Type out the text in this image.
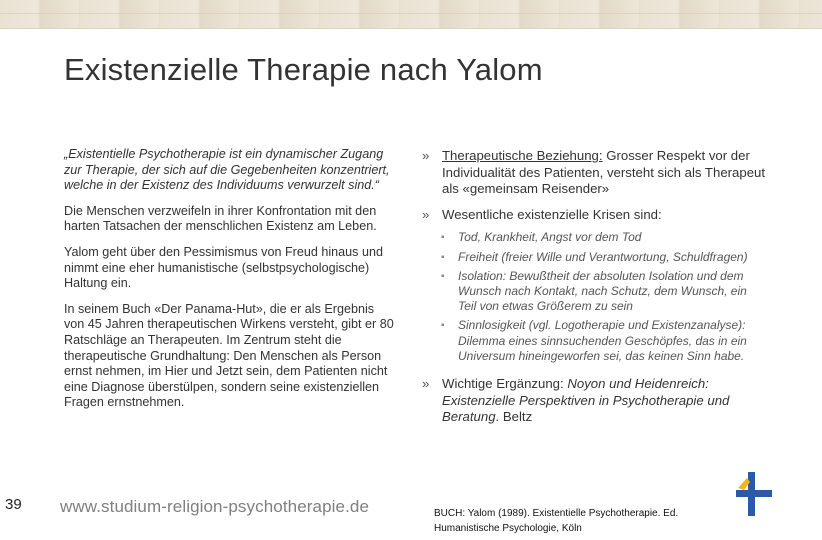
Existenzielle Therapie nach Yalom

„Existentielle Psychotherapie ist ein dynamischer Zugang zur Therapie, der sich auf die Gegebenheiten konzentriert, welche in der Existenz des Individuums verwurzelt sind.“

Die Menschen verzweifeln in ihrer Konfrontation mit den harten Tatsachen der menschlichen Existenz am Leben.

Yalom geht über den Pessimismus von Freud hinaus und nimmt eine eher humanistische (selbstpsychologische) Haltung ein.

In seinem Buch «Der Panama-Hut», die er als Ergebnis von 45 Jahren therapeutischen Wirkens versteht, gibt er 80 Ratschläge an Therapeuten. Im Zentrum steht die therapeutische Grundhaltung: Den Menschen als Person ernst nehmen, im Hier und Jetzt sein, dem Patienten nicht eine Diagnose überstülpen, sondern seine existenziellen Fragen ernstnehmen.

» Therapeutische Beziehung: Grosser Respekt vor der Individualität des Patienten, versteht sich als Therapeut als «gemeinsam Reisender»
» Wesentliche existenzielle Krisen sind:
▪ Tod, Krankheit, Angst vor dem Tod
▪ Freiheit (freier Wille und Verantwortung, Schuldfragen)
▪ Isolation: Bewußtheit der absoluten Isolation und dem Wunsch nach Kontakt, nach Schutz, dem Wunsch, ein Teil von etwas Größerem zu sein
▪ Sinnlosigkeit (vgl. Logotherapie und Existenzanalyse): Dilemma eines sinnsuchenden Geschöpfes, das in ein Universum hineingeworfen sei, das keinen Sinn habe.
» Wichtige Ergänzung: Noyon und Heidenreich: Existenzielle Perspektiven in Psychotherapie und Beratung. Beltz
39 www.studium-religion-psychotherapie.de	BUCH: Yalom (1989). Existentielle Psychotherapie. Ed. Humanistische Psychologie, Köln
